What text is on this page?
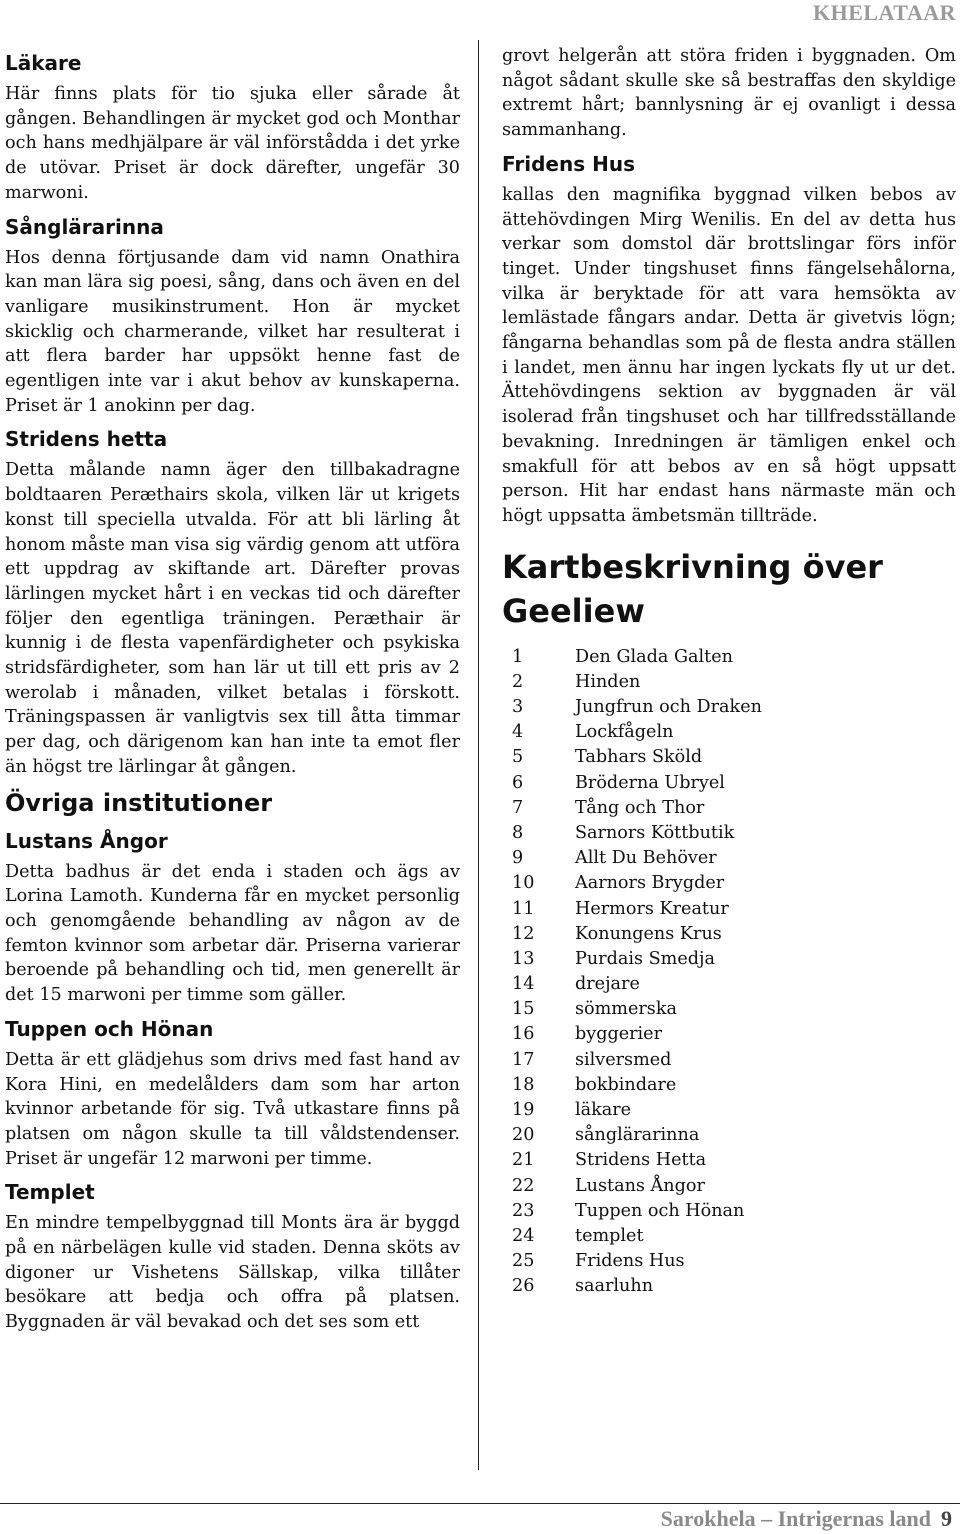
KHELATAAR
Läkare

Här finns plats för tio sjuka eller sårade åt gången. Behandlingen är mycket god och Monthar och hans medhjälpare är väl införstådda i det yrke de utövar. Priset är dock därefter, ungefär 30 marwoni.

Sånglärarinna

Hos denna förtjusande dam vid namn Onathira kan man lära sig poesi, sång, dans och även en del vanligare musikinstrument. Hon är mycket skicklig och charmerande, vilket har resulterat i att flera barder har uppsökt henne fast de egentligen inte var i akut behov av kunskaperna. Priset är 1 anokinn per dag.

Stridens hetta

Detta målande namn äger den tillbakadragne boldtaaren Peræthairs skola, vilken lär ut krigets konst till speciella utvalda. För att bli lärling åt honom måste man visa sig värdig genom att utföra ett uppdrag av skiftande art. Därefter provas lärlingen mycket hårt i en veckas tid och därefter följer den egentliga träningen. Peræthair är kunnig i de flesta vapenfärdigheter och psykiska stridsfärdigheter, som han lär ut till ett pris av 2 werolab i månaden, vilket betalas i förskott. Träningspassen är vanligtvis sex till åtta timmar per dag, och därigenom kan han inte ta emot fler än högst tre lärlingar åt gången.

Övriga institutioner
Lustans Ångor

Detta badhus är det enda i staden och ägs av Lorina Lamoth. Kunderna får en mycket personlig och genomgående behandling av någon av de femton kvinnor som arbetar där. Priserna varierar beroende på behandling och tid, men generellt är det 15 marwoni per timme som gäller.

Tuppen och Hönan

Detta är ett glädjehus som drivs med fast hand av Kora Hini, en medelålders dam som har arton kvinnor arbetande för sig. Två utkastare finns på platsen om någon skulle ta till våldstendenser. Priset är ungefär 12 marwoni per timme.

Templet

En mindre tempelbyggnad till Monts ära är byggd på en närbelägen kulle vid staden. Denna sköts av digoner ur Vishetens Sällskap, vilka tillåter besökare att bedja och offra på platsen. Byggnaden är väl bevakad och det ses som ett

grovt helgerån att störa friden i byggnaden. Om något sådant skulle ske så bestraffas den skyldige extremt hårt; bannlysning är ej ovanligt i dessa sammanhang.

Fridens Hus

kallas den magnifika byggnad vilken bebos av ättehövdingen Mirg Wenilis. En del av detta hus verkar som domstol där brottslingar förs inför tinget. Under tingshuset finns fängelsehålorna, vilka är beryktade för att vara hemsökta av lemlästade fångars andar. Detta är givetvis lögn; fångarna behandlas som på de flesta andra ställen i landet, men ännu har ingen lyckats fly ut ur det. Ättehövdingens sektion av byggnaden är väl isolerad från tingshuset och har tillfredsställande bevakning. Inredningen är tämligen enkel och smakfull för att bebos av en så högt uppsatt person. Hit har endast hans närmaste män och högt uppsatta ämbetsmän tillträde.

Kartbeskrivning över Geeliew
1	Den Glada Galten
2	Hinden
3	Jungfrun och Draken
4	Lockfågeln
5	Tabhars Sköld
6	Bröderna Ubryel
7	Tång och Thor
8	Sarnors Köttbutik
9	Allt Du Behöver
10	Aarnors Brygder
11	Hermors Kreatur
12	Konungens Krus
13	Purdais Smedja
14	drejare
15	sömmerska
16	byggerier
17	silversmed
18	bokbindare
19	läkare
20	sånglärarinna
21	Stridens Hetta
22	Lustans Ångor
23	Tuppen och Hönan
24	templet
25	Fridens Hus
26	saarluhn
Sarokhela – Intrigernas land 9
